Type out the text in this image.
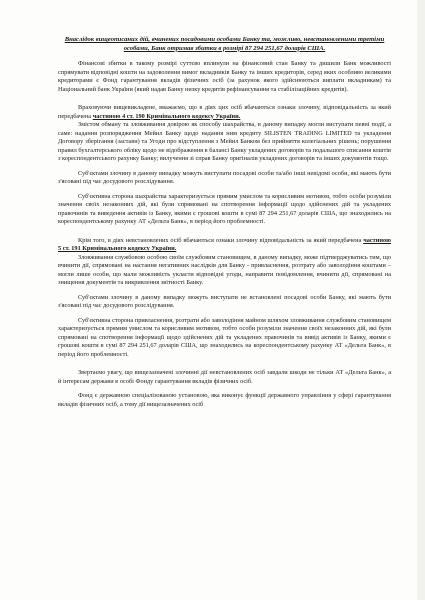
Внаслідок вищеописаних дій, вчинених посадовими особами Банку та, можливо, невстановленими третіми особами, Банк отримав збитки в розмірі 87 294 251,67 доларів США.

Фінансові збитки в такому розмірі суттєво вплинули на фінансовий стан Банку та дишили Банк можливості спрямувати відповідні кошти на задоволення вимог вкладників Банку та інших кредиторів, серед яких особливо великими кредиторами є Фонд гарантування вкладів фізичних осіб (за рахунок якого здійснюються виплати вкладникам) та Національний банк України (який надав Банку низку кредитів рефінансування та стабілізаційних кредитів).

Враховуючи вищевикладене, вважаємо, що в діях цих осіб вбачаються ознаки злочину, відповідальність за який передбачена частиною 4 ст. 190 Кримінального кодексу України.

Змістом обману та зловживання довірою як способу шахрайства, в даному випадку могли виступати певні події, а саме: надання розпорядження Мейил Банку щодо надання ним кредиту SILISTEN TRADING LIMITED та укладення Договору зберігання (застави) та Угоди про відступлення з Мейил Банком без прийняття колегіальних рішень; порушення правил бухгалтерського обліку щодо не відображення в балансі Банку укладених договорів та подальшого списання коштів з кореспондентського рахунку Банку; вилучення зі справ Банку оригіналів укладених договорів та інших документів тощо.

Суб'єктами злочину в даному випадку можуть виступати посадові особи та/або інші невідомі особи, які мають бути з'ясовані під час досудового розслідування.

Суб'єктивна сторона шахрайства характеризується прямим умислом та корисливим мотивом, тобто особи розуміли значення своїх незаконних дій, які були спрямовані на спотворення інформації щодо здійснених дій та укладених правочинів та виведення активів із Банку, якими є грошові кошти в сумі 87 294 251,67 доларів США, що знаходились на кореспондентському рахунку АТ «Дельта Банк», в період його проблемності.

Крім того, в діях невстановлених осіб вбачаються ознаки злочину відповідальність за який передбачена частиною 5 ст. 191 Кримінального кодексу України.

Зловживання службовою особою своїм службовим становищем, в даному випадку, може підтверджуватись тим, що вчинити дії, спрямовані на настання негативних наслідків для Банку - привласнення, розтрату або заволодіння коштами – могли лише особи, що мали можливість укласти відповідні угоди, направити повідомлення, вчинити дії, спрямовані на знищення документів та викривлення звітності Банку.

Суб'єктами злочину в даному випадку можуть виступати не встановлені посадові особи Банку, які мають бути з'ясовані під час досудового розслідування.

Суб'єктивна сторона привласнення, розтрати або заволодіння майном шляхом зловживання службовим становищем характеризується прямим умислом та корисливим мотивом, тобто особи розуміли значення своїх незаконних дій, які були спрямовані на спотворення інформації щодо здійснених дій та укладених правочинів та вивід активів із Банку, якими є грошові кошти в сумі 87 294 251,67 доларів США, що знаходились на кореспондентському рахунку АТ «Дельта Банк», в період його проблемності.

Звертаємо увагу, що вищезазначені злочинні дії невстановлених осіб завдали шкоди не тільки АТ «Дельта Банк», а й інтересам держави в особі Фонду гарантування вкладів фізичних осіб.

Фонд є державною спеціалізованою установою, яка виконує функції державного управління у сфері гарантування вкладів фізичних осіб, а тому дії вищезазначених осіб
